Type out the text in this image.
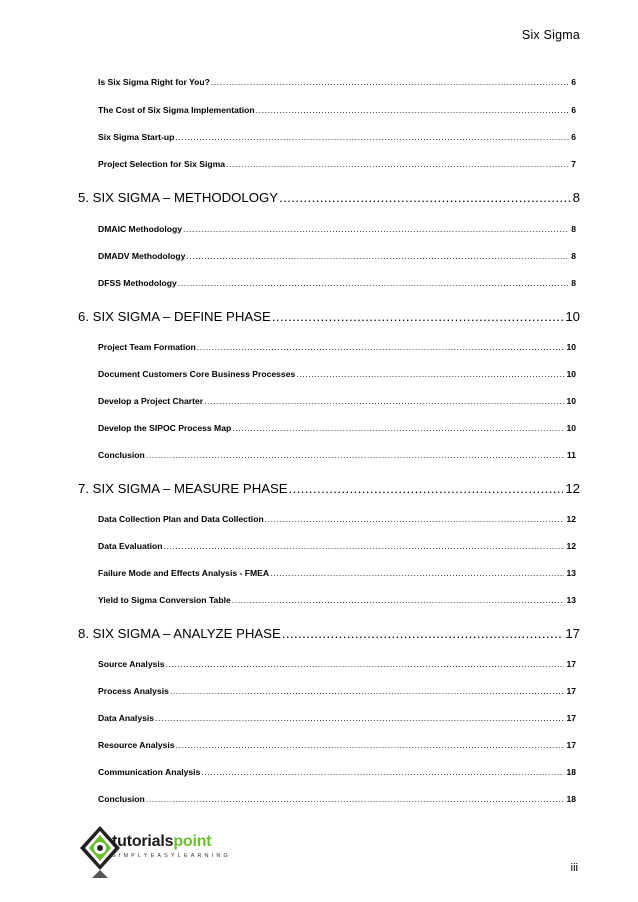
Six Sigma
Is Six Sigma Right for You? .....	6
The Cost of Six Sigma Implementation .....	6
Six Sigma Start-up .....	6
Project Selection for Six Sigma .....	7
5. SIX SIGMA – METHODOLOGY .....	8
DMAIC Methodology .....	8
DMADV Methodology .....	8
DFSS Methodology .....	8
6. SIX SIGMA – DEFINE PHASE .....	10
Project Team Formation .....	10
Document Customers Core Business Processes .....	10
Develop a Project Charter .....	10
Develop the SIPOC Process Map .....	10
Conclusion .....	11
7. SIX SIGMA – MEASURE PHASE .....	12
Data Collection Plan and Data Collection .....	12
Data Evaluation .....	12
Failure Mode and Effects Analysis - FMEA .....	13
Yield to Sigma Conversion Table .....	13
8. SIX SIGMA – ANALYZE PHASE .....	17
Source Analysis .....	17
Process Analysis .....	17
Data Analysis .....	17
Resource Analysis .....	17
Communication Analysis .....	18
Conclusion .....	18
tutorialspoint
SIMPLYEASYLEARNING
iii
